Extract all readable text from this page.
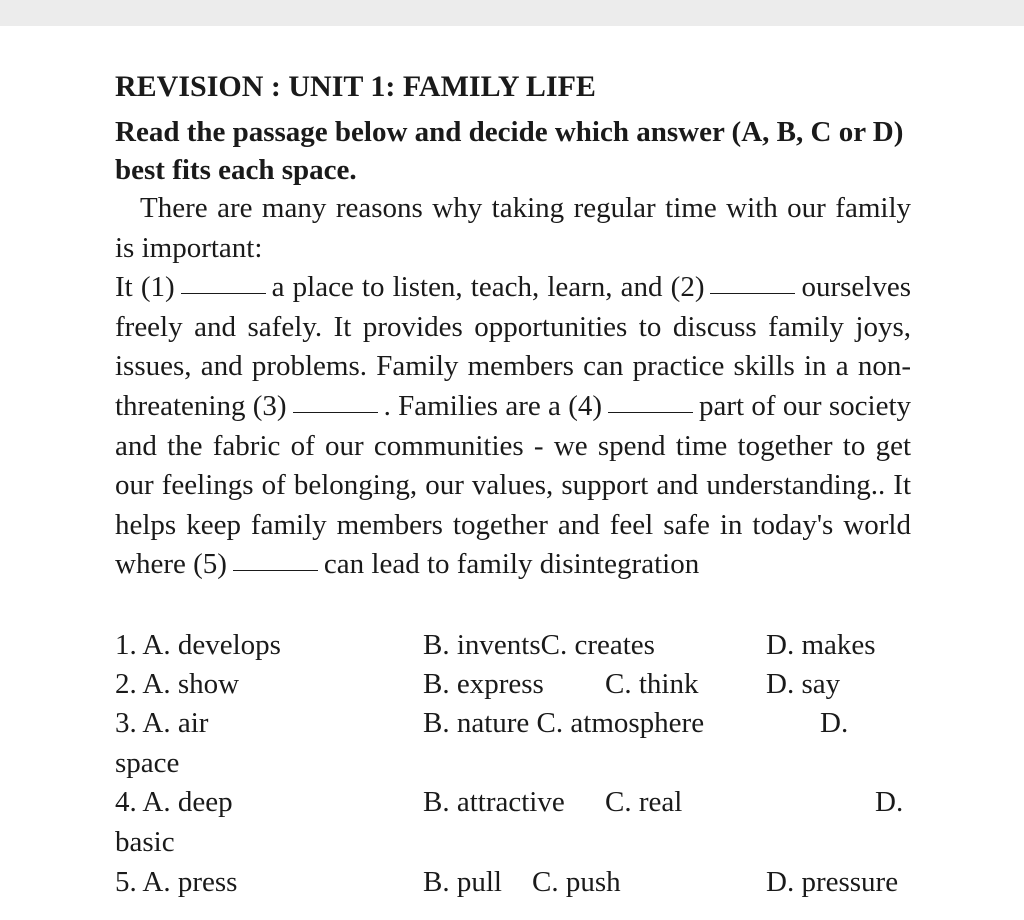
REVISION : UNIT 1: FAMILY LIFE
Read the passage below and decide which answer (A, B, C or D) best fits each space.

There are many reasons why taking regular time with our family is important:

It (1)	a place to listen, teach, learn, and (2)	ourselves freely and safely. It provides opportunities to discuss family joys, issues, and problems. Family members can practice skills in a non-threatening (3)	. Families are a (4)	part of our society and the fabric of our communities - we spend time together to get our feelings of belonging, our values, support and understanding.. It helps keep family members together and feel safe in today's world where (5)	can lead to family disintegration

1. A. develops	B. inventsC. creates	D. makes
2. A. show	B. express C. think D. say
3. A. air	B. nature C. atmosphere	D.
space
4. A. deep	B. attractive C. real	D.
basic
5. A. press	B. pull C. push	D. pressure
